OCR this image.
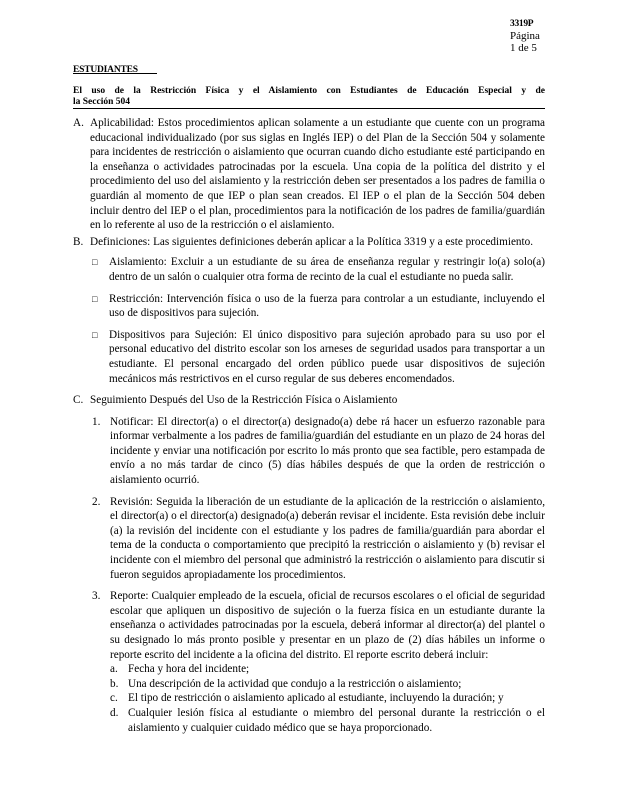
3319P
Página
1 de 5
ESTUDIANTES
El uso de la Restricción Física y el Aislamiento con Estudiantes de Educación Especial y de
la Sección 504
A. Aplicabilidad: Estos procedimientos aplican solamente a un estudiante que cuente con un programa educacional individualizado (por sus siglas en Inglés IEP) o del Plan de la Sección 504 y solamente para incidentes de restricción o aislamiento que ocurran cuando dicho estudiante esté participando en la enseñanza o actividades patrocinadas por la escuela. Una copia de la política del distrito y el procedimiento del uso del aislamiento y la restricción deben ser presentados a los padres de familia o guardián al momento de que IEP o plan sean creados. El IEP o el plan de la Sección 504 deben incluir dentro del IEP o el plan, procedimientos para la notificación de los padres de familia/guardián en lo referente al uso de la restricción o el aislamiento.
B. Definiciones: Las siguientes definiciones deberán aplicar a la Política 3319 y a este procedimiento.
□ Aislamiento: Excluir a un estudiante de su área de enseñanza regular y restringir lo(a) solo(a) dentro de un salón o cualquier otra forma de recinto de la cual el estudiante no pueda salir.
□ Restricción: Intervención física o uso de la fuerza para controlar a un estudiante, incluyendo el uso de dispositivos para sujeción.
□ Dispositivos para Sujeción: El único dispositivo para sujeción aprobado para su uso por el personal educativo del distrito escolar son los arneses de seguridad usados para transportar a un estudiante. El personal encargado del orden público puede usar dispositivos de sujeción mecánicos más restrictivos en el curso regular de sus deberes encomendados.
C. Seguimiento Después del Uso de la Restricción Física o Aislamiento
1. Notificar: El director(a) o el director(a) designado(a) debe rá hacer un esfuerzo razonable para informar verbalmente a los padres de familia/guardián del estudiante en un plazo de 24 horas del incidente y enviar una notificación por escrito lo más pronto que sea factible, pero estampada de envío a no más tardar de cinco (5) días hábiles después de que la orden de restricción o aislamiento ocurrió.
2. Revisión: Seguida la liberación de un estudiante de la aplicación de la restricción o aislamiento, el director(a) o el director(a) designado(a) deberán revisar el incidente. Esta revisión debe incluir (a) la revisión del incidente con el estudiante y los padres de familia/guardián para abordar el tema de la conducta o comportamiento que precipitó la restricción o aislamiento y (b) revisar el incidente con el miembro del personal que administró la restricción o aislamiento para discutir si fueron seguidos apropiadamente los procedimientos.
3. Reporte: Cualquier empleado de la escuela, oficial de recursos escolares o el oficial de seguridad escolar que apliquen un dispositivo de sujeción o la fuerza física en un estudiante durante la enseñanza o actividades patrocinadas por la escuela, deberá informar al director(a) del plantel o su designado lo más pronto posible y presentar en un plazo de (2) días hábiles un informe o reporte escrito del incidente a la oficina del distrito. El reporte escrito deberá incluir:
a. Fecha y hora del incidente;
b. Una descripción de la actividad que condujo a la restricción o aislamiento;
c. El tipo de restricción o aislamiento aplicado al estudiante, incluyendo la duración; y
d. Cualquier lesión física al estudiante o miembro del personal durante la restricción o el aislamiento y cualquier cuidado médico que se haya proporcionado.
